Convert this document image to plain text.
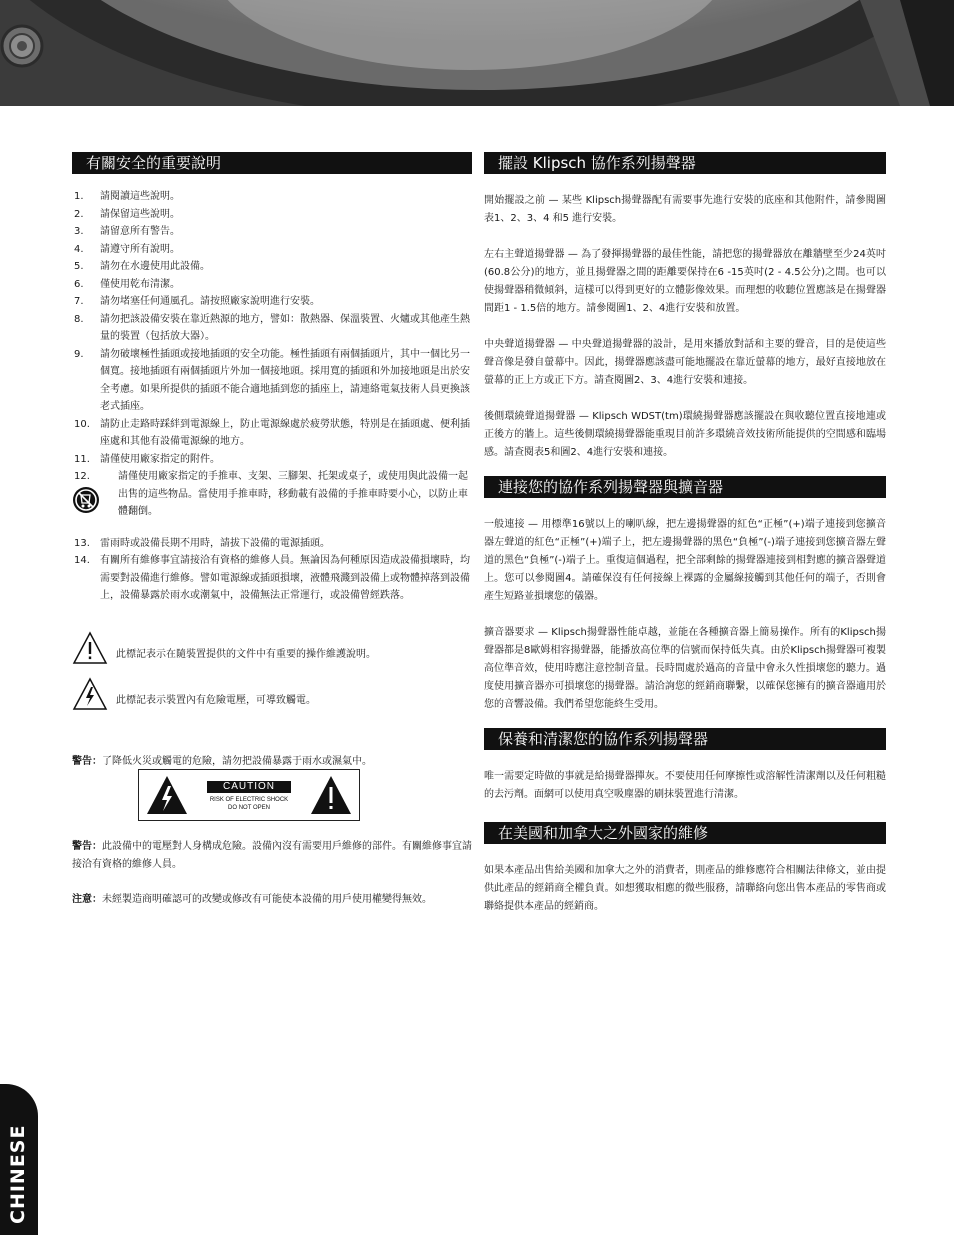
有關安全的重要說明
1. 請閱讀這些說明。
2. 請保留這些說明。
3. 請留意所有警告。
4. 請遵守所有說明。
5. 請勿在水邊使用此設備。
6. 僅使用乾布清潔。
7. 請勿堵塞任何通風孔。請按照廠家說明進行安裝。
8. 請勿把該設備安裝在靠近熱源的地方，譬如：散熱器、保溫裝置、火爐或其他產生熱量的裝置（包括放大器）。
9. 請勿破壞極性插頭或接地插頭的安全功能。極性插頭有兩個插頭片，其中一個比另一個寬。接地插頭有兩個插頭片外加一個接地頭。採用寬的插頭和外加接地頭是出於安全考慮。如果所提供的插頭不能合適地插到您的插座上，請連絡電氣技術人員更換該老式插座。
10. 請防止走路時踩絆到電源線上，防止電源線處於疲勞狀態，特別是在插頭處、便利插座處和其他有設備電源線的地方。
11. 請僅使用廠家指定的附件。
12.	請僅使用廠家指定的手推車、支架、三腳架、托架或桌子，或使用與此設備一起出售的這些物品。當使用手推車時，移動載有設備的手推車時要小心，以防止車體翻倒。
13. 雷雨時或設備長期不用時，請拔下設備的電源插頭。
14. 有關所有維修事宜請接洽有資格的維修人員。無論因為何種原因造成設備損壞時，均需要對設備進行維修。譬如電源線或插頭損壞，液體飛濺到設備上或物體掉落到設備上，設備暴露於雨水或潮氣中，設備無法正常運行，或設備曾經跌落。
此標記表示在隨裝置提供的文件中有重要的操作維護說明。
此標記表示裝置內有危險電壓，可導致觸電。

警告：了降低火災或觸電的危險，請勿把設備暴露于雨水或濕氣中。

CAUTION
RISK OF ELECTRIC SHOCK
DO NOT OPEN

警告：此設備中的電壓對人身構成危險。設備內沒有需要用戶維修的部件。有關維修事宜請接洽有資格的維修人員。

注意：未經製造商明確認可的改變或修改有可能使本設備的用戶使用權變得無效。

擺設 Klipsch 協作系列揚聲器

開始擺設之前 — 某些 Klipsch揚聲器配有需要事先進行安裝的底座和其他附件，請參閱圖表1、2、3、4 和5 進行安裝。

左右主聲道揚聲器 — 為了發揮揚聲器的最佳性能，請把您的揚聲器放在離牆壁至少24英吋(60.8公分)的地方，並且揚聲器之間的距離要保持在6 -15英吋(2 - 4.5公分)之間。也可以使揚聲器稍微傾斜，這樣可以得到更好的立體影像效果。而理想的收聽位置應該是在揚聲器間距1 - 1.5倍的地方。請參閱圖1、2、4進行安裝和放置。

中央聲道揚聲器 — 中央聲道揚聲器的設計，是用來播放對話和主要的聲音，目的是使這些聲音像是發自螢幕中。因此，揚聲器應該盡可能地擺設在靠近螢幕的地方，最好直接地放在螢幕的正上方或正下方。請查閱圖2、3、4進行安裝和連接。

後側環繞聲道揚聲器 — Klipsch WDST(tm)環繞揚聲器應該擺設在與收聽位置直接地連或正後方的牆上。這些後側環繞揚聲器能重現目前許多環繞音效技術所能提供的空間感和臨場感。請查閱表5和圖2、4進行安裝和連接。

連接您的協作系列揚聲器與擴音器

一般連接 — 用標準16號以上的喇叭線，把左邊揚聲器的紅色“正極”(+)端子連接到您擴音器左聲道的紅色“正極”(+)端子上，把左邊揚聲器的黑色“負極”(-)端子連接到您擴音器左聲道的黑色“負極”(-)端子上。重復這個過程，把全部剩餘的揚聲器連接到相對應的擴音器聲道上。您可以參閱圖4。請確保沒有任何接線上裸露的金屬線接觸到其他任何的端子，否則會產生短路並損壞您的儀器。

擴音器要求 — Klipsch揚聲器性能卓越，並能在各種擴音器上簡易操作。所有的Klipsch揚聲器都是8歐姆相容揚聲器，能播放高位準的信號而保持低失真。由於Klipsch揚聲器可複製高位準音效，使用時應注意控制音量。長時間處於過高的音量中會永久性損壞您的聽力。過度使用擴音器亦可損壞您的揚聲器。請洽詢您的經銷商聯繫，以確保您擁有的擴音器適用於您的音響設備。我們希望您能終生受用。

保養和清潔您的協作系列揚聲器

唯一需要定時做的事就是給揚聲器撣灰。不要使用任何摩擦性或溶解性清潔劑以及任何粗糙的去污劑。面網可以使用真空吸塵器的刷抹裝置進行清潔。

在美國和加拿大之外國家的維修

如果本產品出售給美國和加拿大之外的消費者，則產品的維修應符合相關法律條文，並由提供此產品的經銷商全權負責。如想獲取相應的微些服務，請聯絡向您出售本產品的零售商或聯絡提供本產品的經銷商。

CHINESE
